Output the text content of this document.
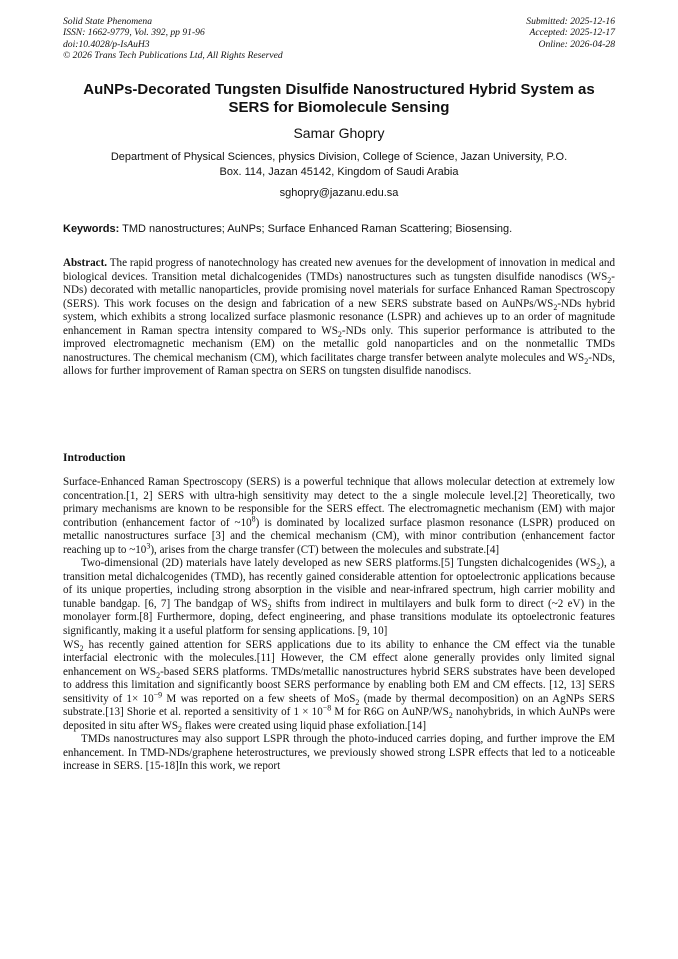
Solid State Phenomena
ISSN: 1662-9779, Vol. 392, pp 91-96
doi:10.4028/p-IsAuH3
© 2026 Trans Tech Publications Ltd, All Rights Reserved
Submitted: 2025-12-16
Accepted: 2025-12-17
Online: 2026-04-28
AuNPs-Decorated Tungsten Disulfide Nanostructured Hybrid System as
SERS for Biomolecule Sensing
Samar Ghopry
Department of Physical Sciences, physics Division, College of Science, Jazan University, P.O.
Box. 114, Jazan 45142, Kingdom of Saudi Arabia
sghopry@jazanu.edu.sa
Keywords: TMD nanostructures; AuNPs; Surface Enhanced Raman Scattering; Biosensing.
Abstract. The rapid progress of nanotechnology has created new avenues for the development of innovation in medical and biological devices. Transition metal dichalcogenides (TMDs) nanostructures such as tungsten disulfide nanodiscs $(WS_2-NDs)$ decorated with metallic nanoparticles, provide promising novel materials for surface Enhanced Raman Spectroscopy (SERS). This work focuses on the design and fabrication of a new SERS substrate based on AuNPs/$WS_2$-NDs hybrid system, which exhibits a strong localized surface plasmonic resonance (LSPR) and achieves up to an order of magnitude enhancement in Raman spectra intensity compared to $WS_2$-NDs only. This superior performance is attributed to the improved electromagnetic mechanism (EM) on the metallic gold nanoparticles and on the nonmetallic TMDs nanostructures. The chemical mechanism (CM), which facilitates charge transfer between analyte molecules and $WS_2$-NDs, allows for further improvement of Raman spectra on SERS on tungsten disulfide nanodiscs.
Introduction

Surface-Enhanced Raman Spectroscopy (SERS) is a powerful technique that allows molecular detection at extremely low concentration.[1, 2] SERS with ultra-high sensitivity may detect to the a single molecule level.[2] Theoretically, two primary mechanisms are known to be responsible for the SERS effect. The electromagnetic mechanism (EM) with major contribution (enhancement factor of $\sim 10^8$) is dominated by localized surface plasmon resonance (LSPR) produced on metallic nanostructures surface [3] and the chemical mechanism (CM), with minor contribution (enhancement factor reaching up to $\sim 10^3$), arises from the charge transfer (CT) between the molecules and substrate.[4]

Two-dimensional (2D) materials have lately developed as new SERS platforms.[5] Tungsten dichalcogenides $(WS_2)$, a transition metal dichalcogenides (TMD), has recently gained considerable attention for optoelectronic applications because of its unique properties, including strong absorption in the visible and near-infrared spectrum, high carrier mobility and tunable bandgap. [6, 7] The bandgap of $WS_2$ shifts from indirect in multilayers and bulk form to direct (~2 eV) in the monolayer form.[8] Furthermore, doping, defect engineering, and phase transitions modulate its optoelectronic features significantly, making it a useful platform for sensing applications. [9, 10]

$WS_2$ has recently gained attention for SERS applications due to its ability to enhance the CM effect via the tunable interfacial electronic with the molecules.[11] However, the CM effect alone generally provides only limited signal enhancement on $WS_2$-based SERS platforms. TMDs/metallic nanostructures hybrid SERS substrates have been developed to address this limitation and significantly boost SERS performance by enabling both EM and CM effects. [12, 13] SERS sensitivity of $1\times 10^{-9}$ M was reported on a few sheets of MoS$_2$ (made by thermal decomposition) on an AgNPs SERS substrate.[13] Shorie et al. reported a sensitivity of $1 \times 10^{-8}$ M for R6G on AuNP/$WS_2$ nanohybrids, in which AuNPs were deposited in situ after $WS_2$ flakes were created using liquid phase exfoliation.[14]

TMDs nanostructures may also support LSPR through the photo-induced carries doping, and further improve the EM enhancement. In TMD-NDs/graphene heterostructures, we previously showed strong LSPR effects that led to a noticeable increase in SERS. [15-18]In this work, we report
